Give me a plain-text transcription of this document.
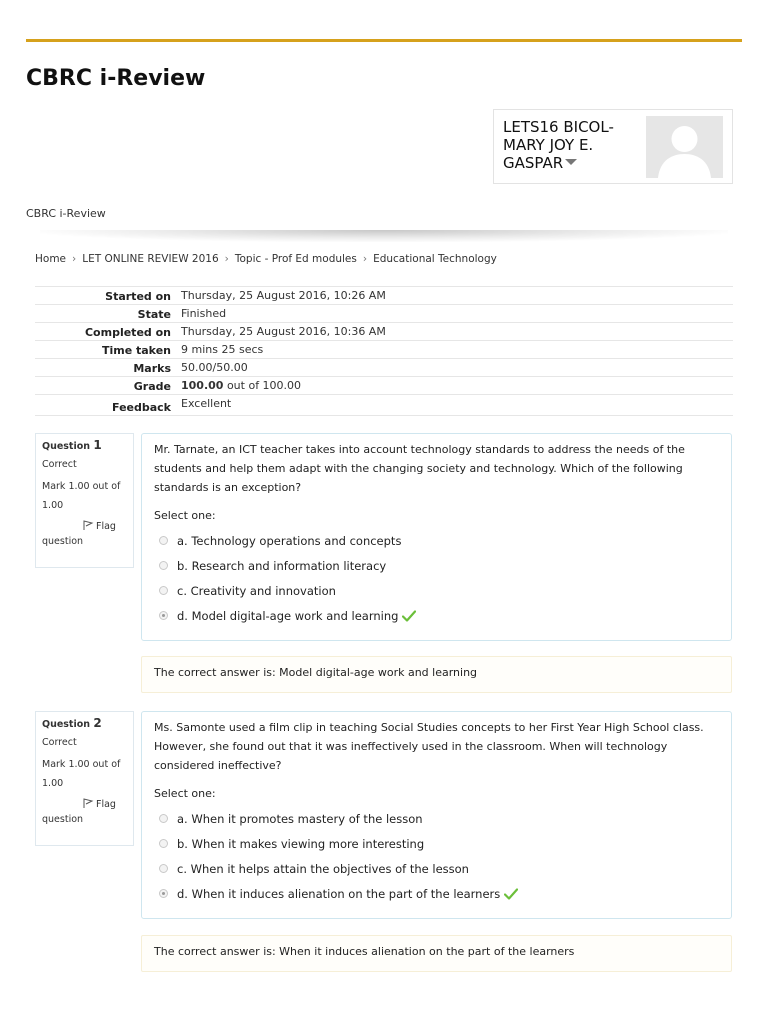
CBRC i-Review
LETS16 BICOL-MARY JOY E. GASPAR
CBRC i-Review
Home › LET ONLINE REVIEW 2016 › Topic - Prof Ed modules › Educational Technology
Started on	Thursday, 25 August 2016, 10:26 AM
State	Finished
Completed on	Thursday, 25 August 2016, 10:36 AM
Time taken	9 mins 25 secs
Marks	50.00/50.00
Grade	100.00 out of 100.00
Feedback	Excellent
Question 1
Correct
Mark 1.00 out of 1.00
Flag
question

Mr. Tarnate, an ICT teacher takes into account technology standards to address the needs of the students and help them adapt with the changing society and technology. Which of the following standards is an exception?

Select one:
a. Technology operations and concepts
b. Research and information literacy
c. Creativity and innovation
d. Model digital-age work and learning
The correct answer is: Model digital-age work and learning
Question 2
Correct
Mark 1.00 out of 1.00
Flag
question

Ms. Samonte used a film clip in teaching Social Studies concepts to her First Year High School class. However, she found out that it was ineffectively used in the classroom. When will technology considered ineffective?

Select one:
a. When it promotes mastery of the lesson
b. When it makes viewing more interesting
c. When it helps attain the objectives of the lesson
d. When it induces alienation on the part of the learners
The correct answer is: When it induces alienation on the part of the learners
